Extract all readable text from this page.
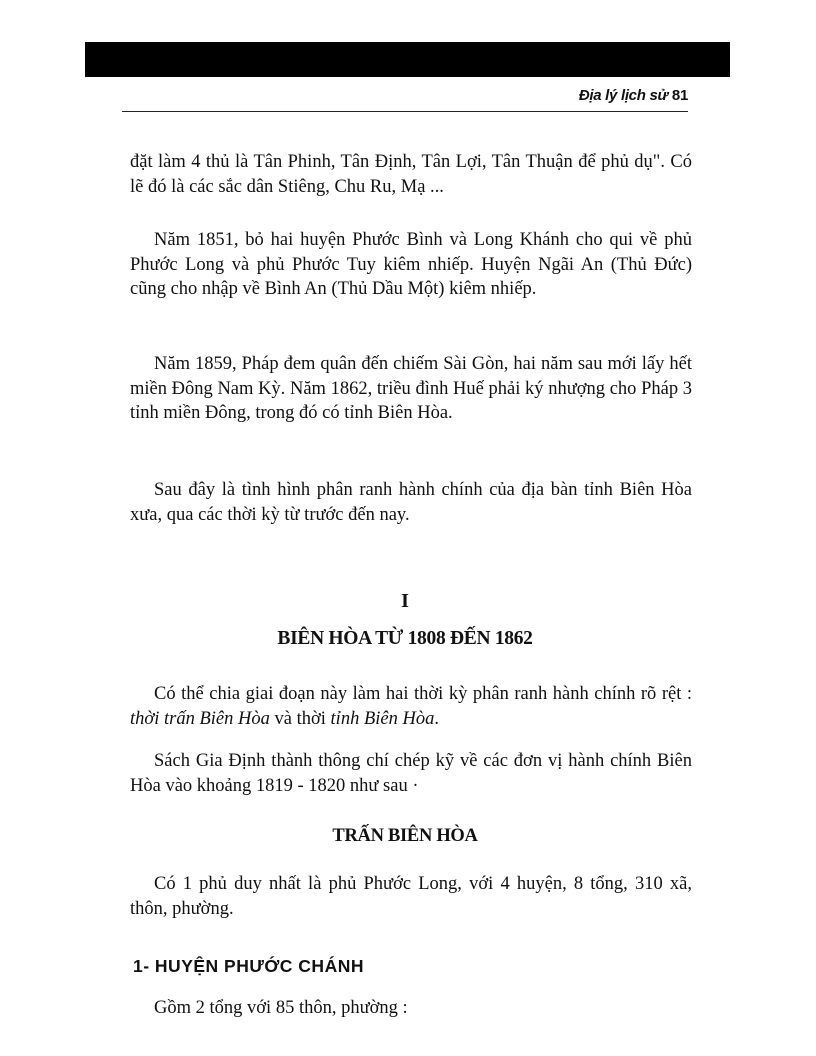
Địa lý lịch sử 81

đặt làm 4 thủ là Tân Phinh, Tân Định, Tân Lợi, Tân Thuận để phủ dụ". Có lẽ đó là các sắc dân Stiêng, Chu Ru, Mạ ...

Năm 1851, bỏ hai huyện Phước Bình và Long Khánh cho qui về phủ Phước Long và phủ Phước Tuy kiêm nhiếp. Huyện Ngãi An (Thủ Đức) cũng cho nhập về Bình An (Thủ Dầu Một) kiêm nhiếp.

Năm 1859, Pháp đem quân đến chiếm Sài Gòn, hai năm sau mới lấy hết miền Đông Nam Kỳ. Năm 1862, triều đình Huế phải ký nhượng cho Pháp 3 tỉnh miền Đông, trong đó có tỉnh Biên Hòa.

Sau đây là tình hình phân ranh hành chính của địa bàn tỉnh Biên Hòa xưa, qua các thời kỳ từ trước đến nay.

I

BIÊN HÒA TỪ 1808 ĐẾN 1862

Có thể chia giai đoạn này làm hai thời kỳ phân ranh hành chính rõ rệt : thời trấn Biên Hòa và thời tỉnh Biên Hòa.

Sách Gia Định thành thông chí chép kỹ về các đơn vị hành chính Biên Hòa vào khoảng 1819 - 1820 như sau ·

TRẤN BIÊN HÒA

Có 1 phủ duy nhất là phủ Phước Long, với 4 huyện, 8 tổng, 310 xã, thôn, phường.

1- HUYỆN PHƯỚC CHÁNH

Gồm 2 tổng với 85 thôn, phường :
